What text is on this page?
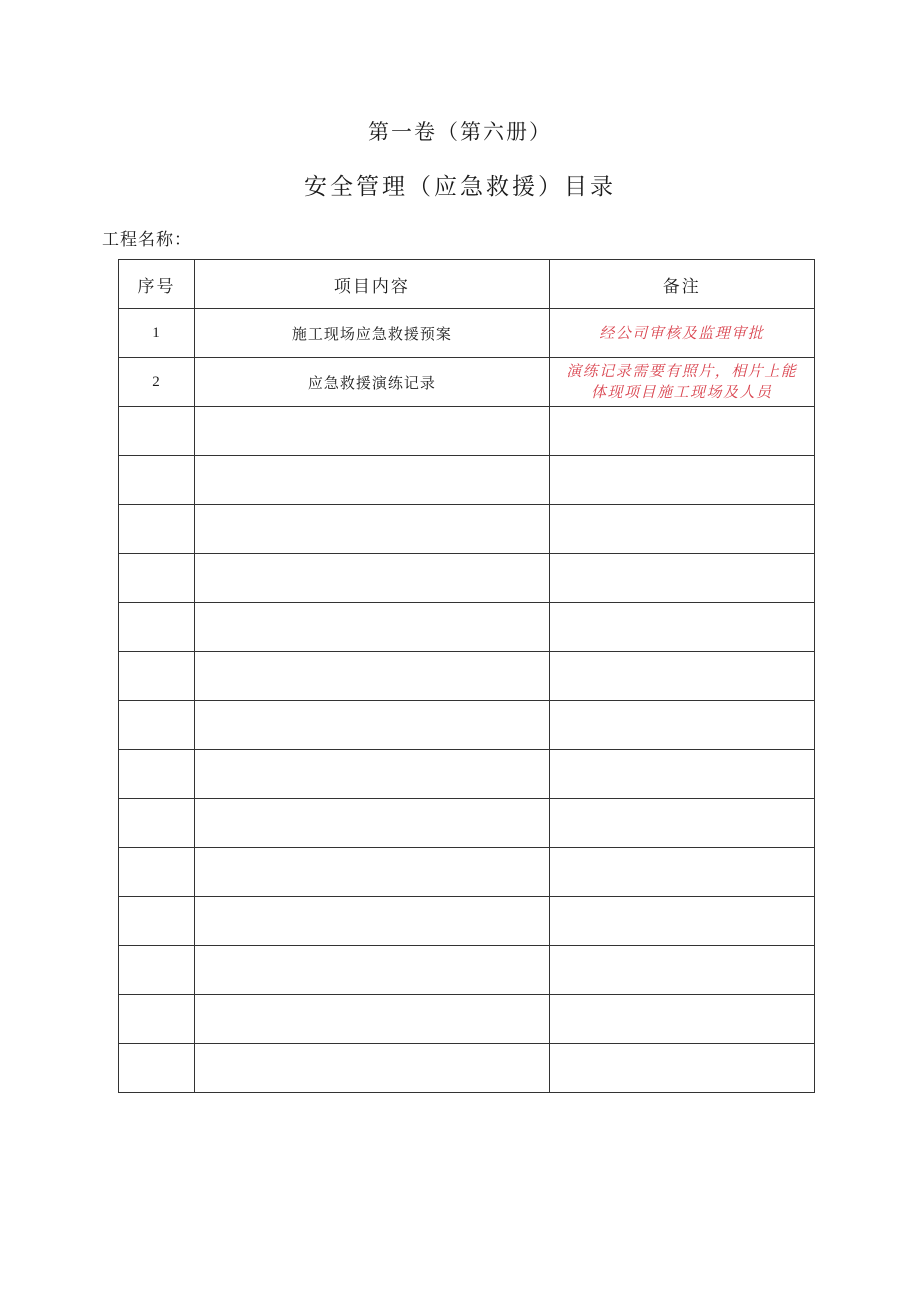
第一卷（第六册）
安全管理（应急救援）目录
工程名称：
序号	项目内容	备注
1	施工现场应急救援预案	经公司审核及监理审批

2	应急救援演练记录	演练记录需要有照片，相片上能
体现项目施工现场及人员
